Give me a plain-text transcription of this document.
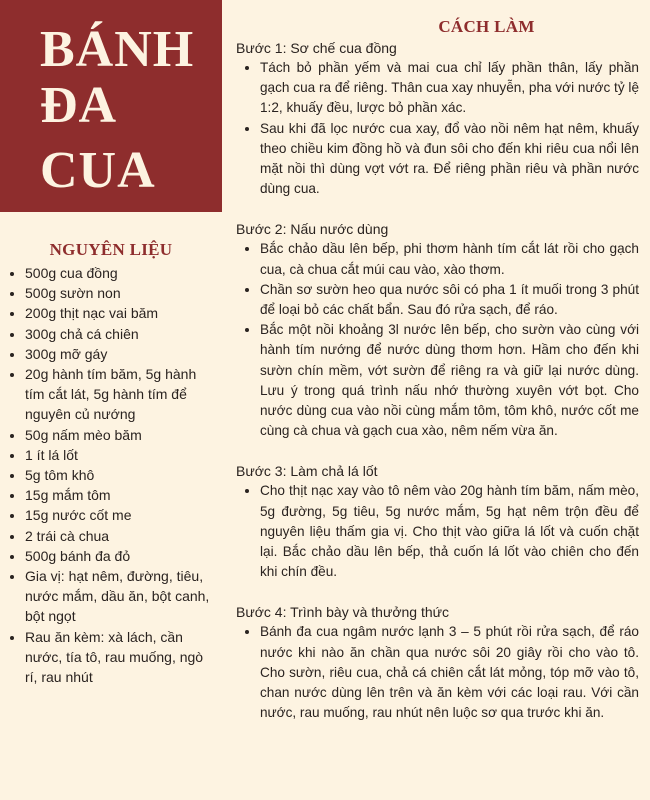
BÁNH
ĐA
CUA
NGUYÊN LIỆU
• 500g cua đồng
• 500g sườn non
• 200g thịt nạc vai băm
• 300g chả cá chiên
• 300g mỡ gáy
• 20g hành tím băm, 5g hành tím cắt lát, 5g hành tím để nguyên củ nướng
• 50g nấm mèo băm
• 1 ít lá lốt
• 5g tôm khô
• 15g mắm tôm
• 15g nước cốt me
• 2 trái cà chua
• 500g bánh đa đỏ
• Gia vị: hạt nêm, đường, tiêu, nước mắm, dầu ăn, bột canh, bột ngọt
• Rau ăn kèm: xà lách, cần nước, tía tô, rau muống, ngò rí, rau nhút
CÁCH LÀM
Bước 1: Sơ chế cua đồng
• Tách bỏ phần yếm và mai cua chỉ lấy phần thân, lấy phần gạch cua ra để riêng. Thân cua xay nhuyễn, pha với nước tỷ lệ 1:2, khuấy đều, lược bỏ phần xác.
• Sau khi đã lọc nước cua xay, đổ vào nồi nêm hạt nêm, khuấy theo chiều kim đồng hồ và đun sôi cho đến khi riêu cua nổi lên mặt nồi thì dùng vợt vớt ra. Để riêng phần riêu và phần nước dùng cua.
Bước 2: Nấu nước dùng
• Bắc chảo dầu lên bếp, phi thơm hành tím cắt lát rồi cho gạch cua, cà chua cắt múi cau vào, xào thơm.
• Chần sơ sườn heo qua nước sôi có pha 1 ít muối trong 3 phút để loại bỏ các chất bẩn. Sau đó rửa sạch, để ráo.
• Bắc một nồi khoảng 3l nước lên bếp, cho sườn vào cùng với hành tím nướng để nước dùng thơm hơn. Hầm cho đến khi sườn chín mềm, vớt sườn để riêng ra và giữ lại nước dùng. Lưu ý trong quá trình nấu nhớ thường xuyên vớt bọt. Cho nước dùng cua vào nồi cùng mắm tôm, tôm khô, nước cốt me cùng cà chua và gạch cua xào, nêm nếm vừa ăn.
Bước 3: Làm chả lá lốt
• Cho thịt nạc xay vào tô nêm vào 20g hành tím băm, nấm mèo, 5g đường, 5g tiêu, 5g nước mắm, 5g hạt nêm trộn đều để nguyên liệu thấm gia vị. Cho thịt vào giữa lá lốt và cuốn chặt lại. Bắc chảo dầu lên bếp, thả cuốn lá lốt vào chiên cho đến khi chín đều.
Bước 4: Trình bày và thưởng thức
• Bánh đa cua ngâm nước lạnh 3 – 5 phút rồi rửa sạch, để ráo nước khi nào ăn chần qua nước sôi 20 giây rồi cho vào tô. Cho sườn, riêu cua, chả cá chiên cắt lát mỏng, tóp mỡ vào tô, chan nước dùng lên trên và ăn kèm với các loại rau. Với cần nước, rau muống, rau nhút nên luộc sơ qua trước khi ăn.
